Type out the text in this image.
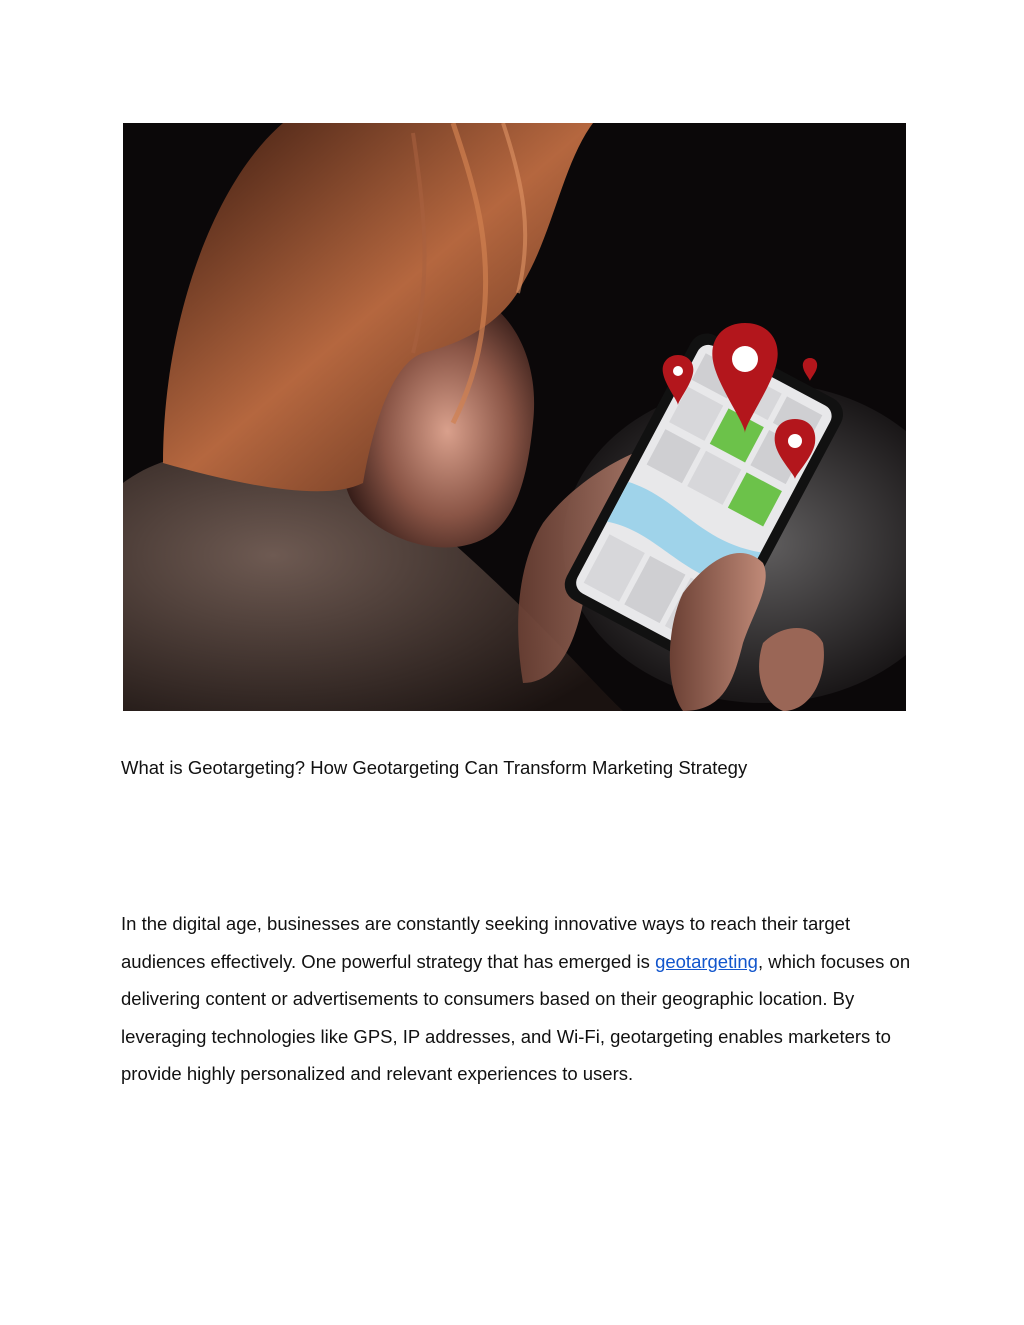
What is Geotargeting? How Geotargeting Can Transform Marketing Strategy

In the digital age, businesses are constantly seeking innovative ways to reach their target audiences effectively. One powerful strategy that has emerged is geotargeting, which focuses on delivering content or advertisements to consumers based on their geographic location. By leveraging technologies like GPS, IP addresses, and Wi-Fi, geotargeting enables marketers to provide highly personalized and relevant experiences to users.
